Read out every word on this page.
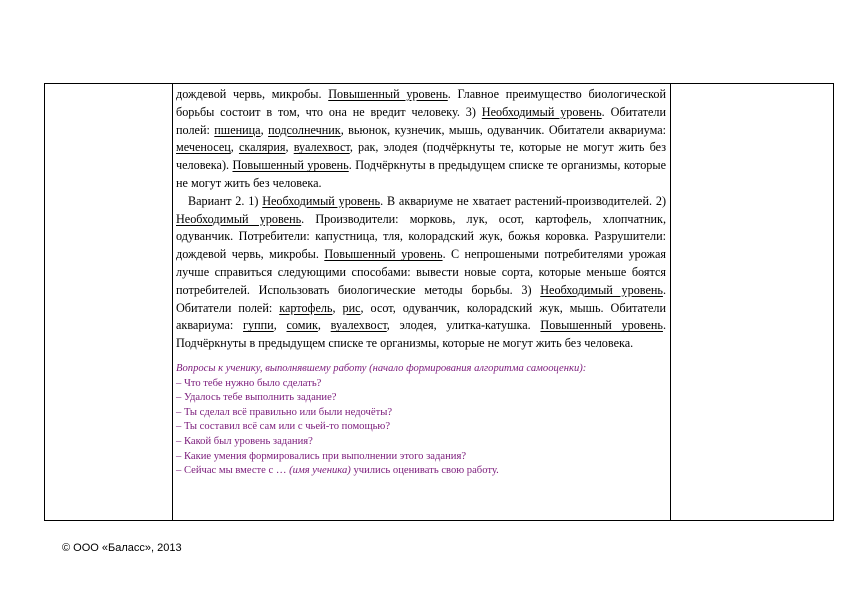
дождевой червь, микробы. Повышенный уровень. Главное преимущество биологической борьбы состоит в том, что она не вредит человеку. 3) Необходимый уровень. Обитатели полей: пшеница, подсолнечник, вьюнок, кузнечик, мышь, одуванчик. Обитатели аквариума: меченосец, скалярия, вуалехвост, рак, элодея (подчёркнуты те, которые не могут жить без человека). Повышенный уровень. Подчёркнуты в предыдущем списке те организмы, которые не могут жить без человека.

Вариант 2. 1) Необходимый уровень. В аквариуме не хватает растений-производителей. 2) Необходимый уровень. Производители: морковь, лук, осот, картофель, хлопчатник, одуванчик. Потребители: капустница, тля, колорадский жук, божья коровка. Разрушители: дождевой червь, микробы. Повышенный уровень. С непрошеными потребителями урожая лучше справиться следующими способами: вывести новые сорта, которые меньше боятся потребителей. Использовать биологические методы борьбы. 3) Необходимый уровень. Обитатели полей: картофель, рис, осот, одуванчик, колорадский жук, мышь. Обитатели аквариума: гуппи, сомик, вуалехвост, элодея, улитка-катушка. Повышенный уровень. Подчёркнуты в предыдущем списке те организмы, которые не могут жить без человека.

Вопросы к ученику, выполнявшему работу (начало формирования алгоритма самооценки):
– Что тебе нужно было сделать?
– Удалось тебе выполнить задание?
– Ты сделал всё правильно или были недочёты?
– Ты составил всё сам или с чьей-то помощью?
– Какой был уровень задания?
– Какие умения формировались при выполнении этого задания?
– Сейчас мы вместе с … (имя ученика) учились оценивать свою работу.
© ООО «Баласс», 2013
